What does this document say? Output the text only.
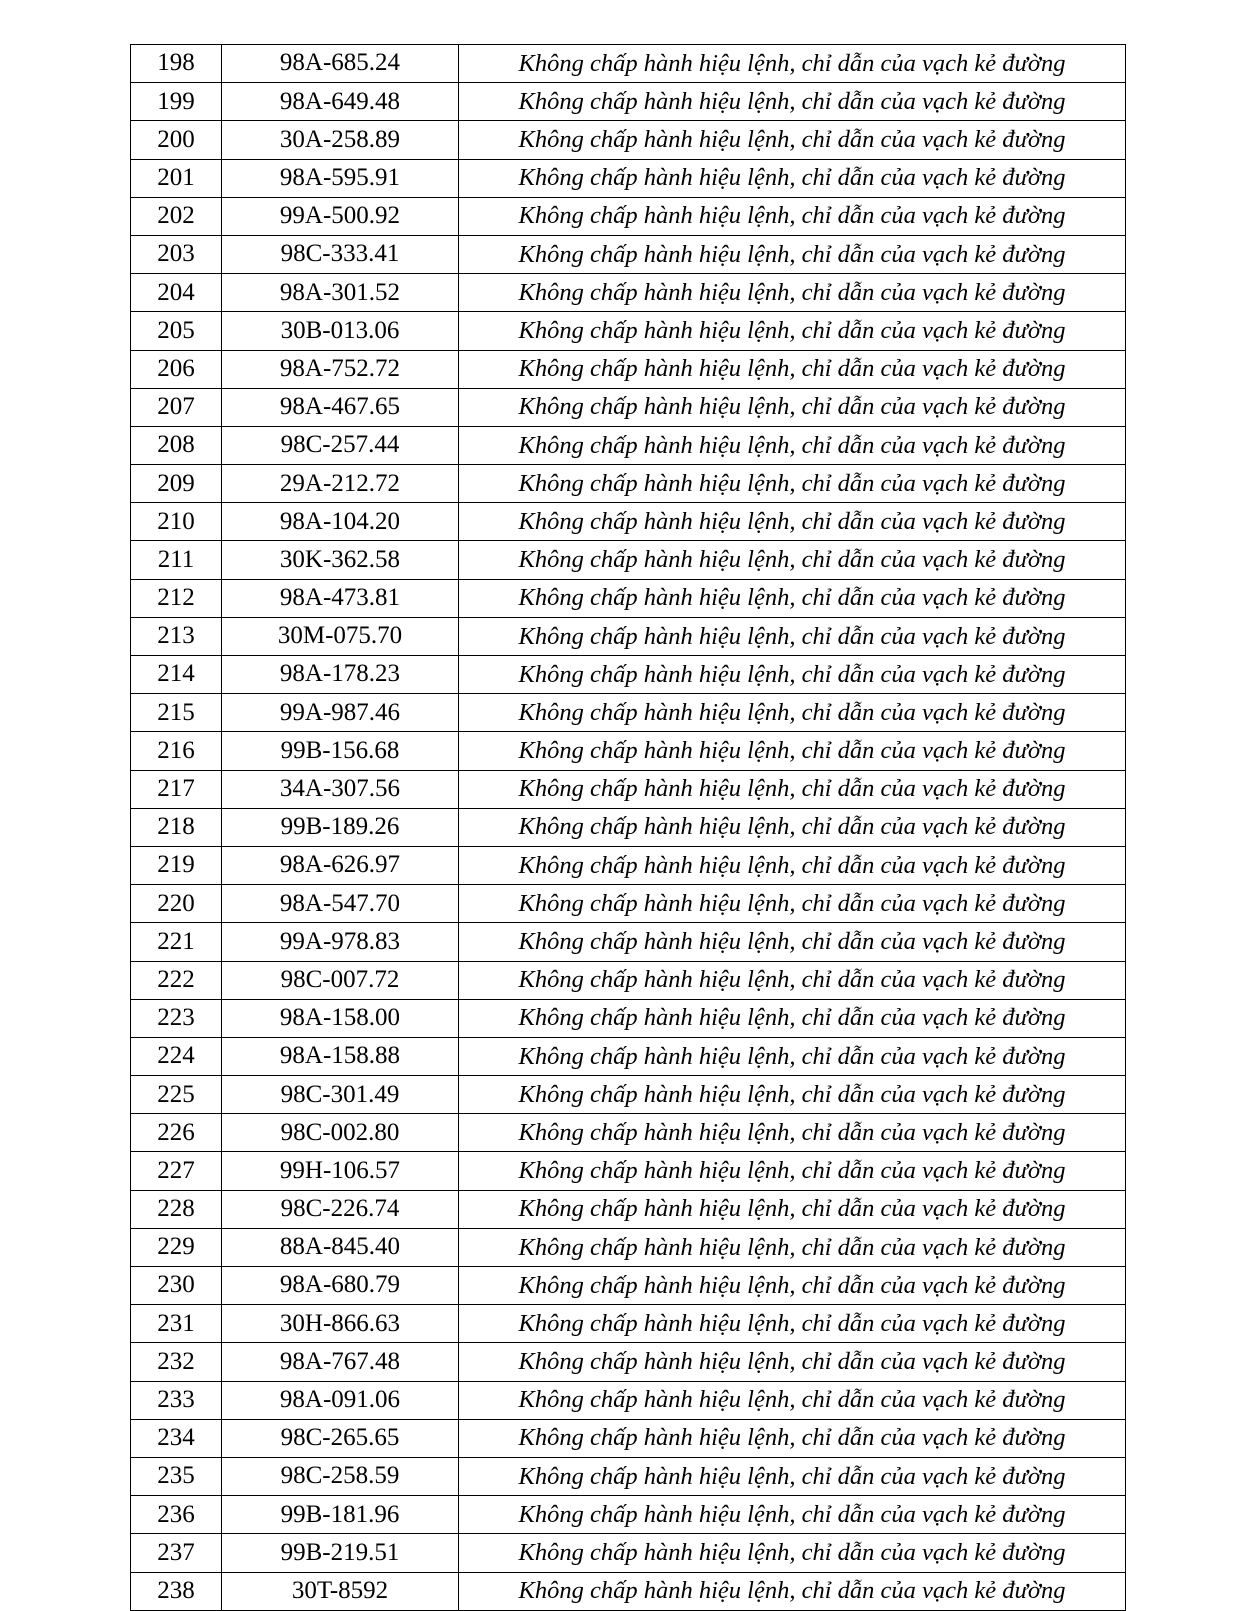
198	98A-685.24	Không chấp hành hiệu lệnh, chỉ dẫn của vạch kẻ đường
199	98A-649.48	Không chấp hành hiệu lệnh, chỉ dẫn của vạch kẻ đường
200	30A-258.89	Không chấp hành hiệu lệnh, chỉ dẫn của vạch kẻ đường
201	98A-595.91	Không chấp hành hiệu lệnh, chỉ dẫn của vạch kẻ đường
202	99A-500.92	Không chấp hành hiệu lệnh, chỉ dẫn của vạch kẻ đường
203	98C-333.41	Không chấp hành hiệu lệnh, chỉ dẫn của vạch kẻ đường
204	98A-301.52	Không chấp hành hiệu lệnh, chỉ dẫn của vạch kẻ đường
205	30B-013.06	Không chấp hành hiệu lệnh, chỉ dẫn của vạch kẻ đường
206	98A-752.72	Không chấp hành hiệu lệnh, chỉ dẫn của vạch kẻ đường
207	98A-467.65	Không chấp hành hiệu lệnh, chỉ dẫn của vạch kẻ đường
208	98C-257.44	Không chấp hành hiệu lệnh, chỉ dẫn của vạch kẻ đường
209	29A-212.72	Không chấp hành hiệu lệnh, chỉ dẫn của vạch kẻ đường
210	98A-104.20	Không chấp hành hiệu lệnh, chỉ dẫn của vạch kẻ đường
211	30K-362.58	Không chấp hành hiệu lệnh, chỉ dẫn của vạch kẻ đường
212	98A-473.81	Không chấp hành hiệu lệnh, chỉ dẫn của vạch kẻ đường
213	30M-075.70	Không chấp hành hiệu lệnh, chỉ dẫn của vạch kẻ đường
214	98A-178.23	Không chấp hành hiệu lệnh, chỉ dẫn của vạch kẻ đường
215	99A-987.46	Không chấp hành hiệu lệnh, chỉ dẫn của vạch kẻ đường
216	99B-156.68	Không chấp hành hiệu lệnh, chỉ dẫn của vạch kẻ đường
217	34A-307.56	Không chấp hành hiệu lệnh, chỉ dẫn của vạch kẻ đường
218	99B-189.26	Không chấp hành hiệu lệnh, chỉ dẫn của vạch kẻ đường
219	98A-626.97	Không chấp hành hiệu lệnh, chỉ dẫn của vạch kẻ đường
220	98A-547.70	Không chấp hành hiệu lệnh, chỉ dẫn của vạch kẻ đường
221	99A-978.83	Không chấp hành hiệu lệnh, chỉ dẫn của vạch kẻ đường
222	98C-007.72	Không chấp hành hiệu lệnh, chỉ dẫn của vạch kẻ đường
223	98A-158.00	Không chấp hành hiệu lệnh, chỉ dẫn của vạch kẻ đường
224	98A-158.88	Không chấp hành hiệu lệnh, chỉ dẫn của vạch kẻ đường
225	98C-301.49	Không chấp hành hiệu lệnh, chỉ dẫn của vạch kẻ đường
226	98C-002.80	Không chấp hành hiệu lệnh, chỉ dẫn của vạch kẻ đường
227	99H-106.57	Không chấp hành hiệu lệnh, chỉ dẫn của vạch kẻ đường
228	98C-226.74	Không chấp hành hiệu lệnh, chỉ dẫn của vạch kẻ đường
229	88A-845.40	Không chấp hành hiệu lệnh, chỉ dẫn của vạch kẻ đường
230	98A-680.79	Không chấp hành hiệu lệnh, chỉ dẫn của vạch kẻ đường
231	30H-866.63	Không chấp hành hiệu lệnh, chỉ dẫn của vạch kẻ đường
232	98A-767.48	Không chấp hành hiệu lệnh, chỉ dẫn của vạch kẻ đường
233	98A-091.06	Không chấp hành hiệu lệnh, chỉ dẫn của vạch kẻ đường
234	98C-265.65	Không chấp hành hiệu lệnh, chỉ dẫn của vạch kẻ đường
235	98C-258.59	Không chấp hành hiệu lệnh, chỉ dẫn của vạch kẻ đường
236	99B-181.96	Không chấp hành hiệu lệnh, chỉ dẫn của vạch kẻ đường
237	99B-219.51	Không chấp hành hiệu lệnh, chỉ dẫn của vạch kẻ đường
238	30T-8592	Không chấp hành hiệu lệnh, chỉ dẫn của vạch kẻ đường
